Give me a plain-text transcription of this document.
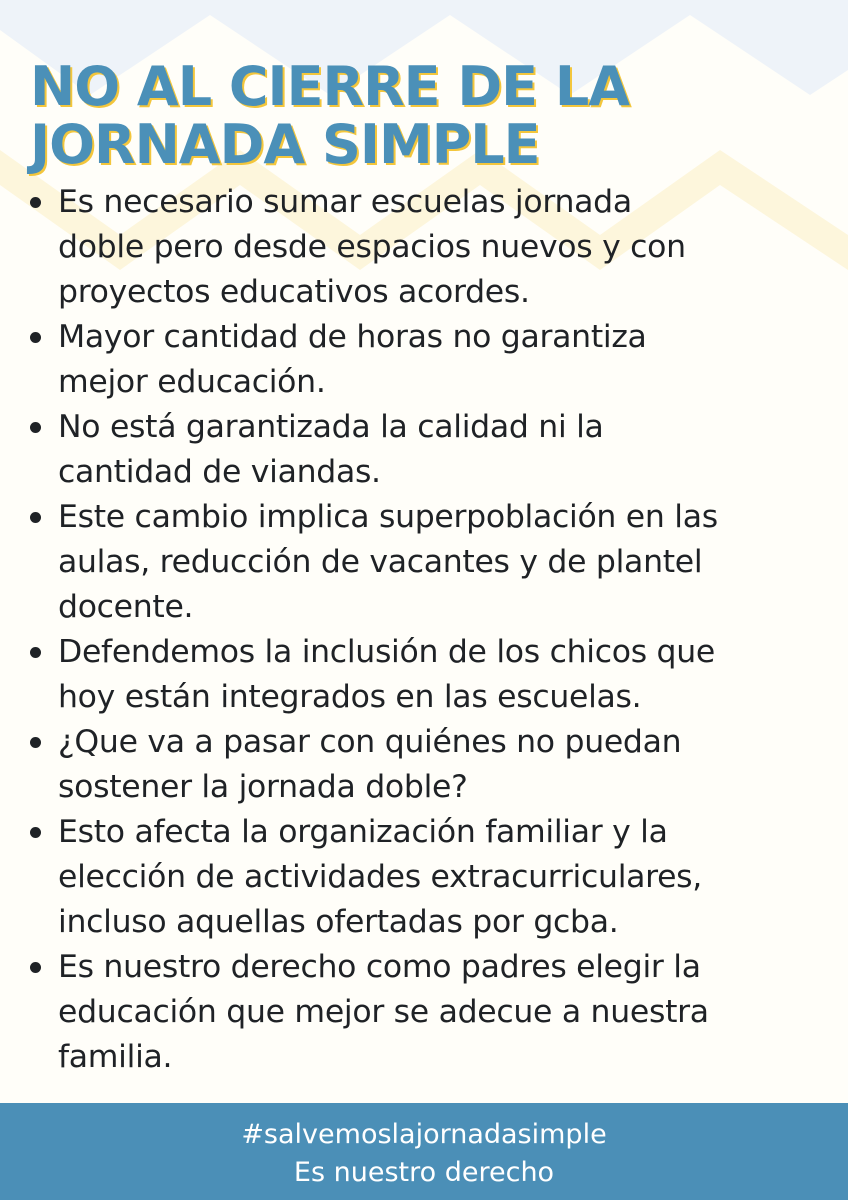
NO AL CIERRE DE LA
JORNADA SIMPLE
Es necesario sumar escuelas jornada
doble pero desde espacios nuevos y con
proyectos educativos acordes.
Mayor cantidad de horas no garantiza
mejor educación.
No está garantizada la calidad ni la
cantidad de viandas.
Este cambio implica superpoblación en las
aulas, reducción de vacantes y de plantel
docente.
Defendemos la inclusión de los chicos que
hoy están integrados en las escuelas.
¿Que va a pasar con quiénes no puedan
sostener la jornada doble?
Esto afecta la organización familiar y la
elección de actividades extracurriculares,
incluso aquellas ofertadas por gcba.
Es nuestro derecho como padres elegir la
educación que mejor se adecue a nuestra
familia.
#salvemoslajornadasimple
Es nuestro derecho
